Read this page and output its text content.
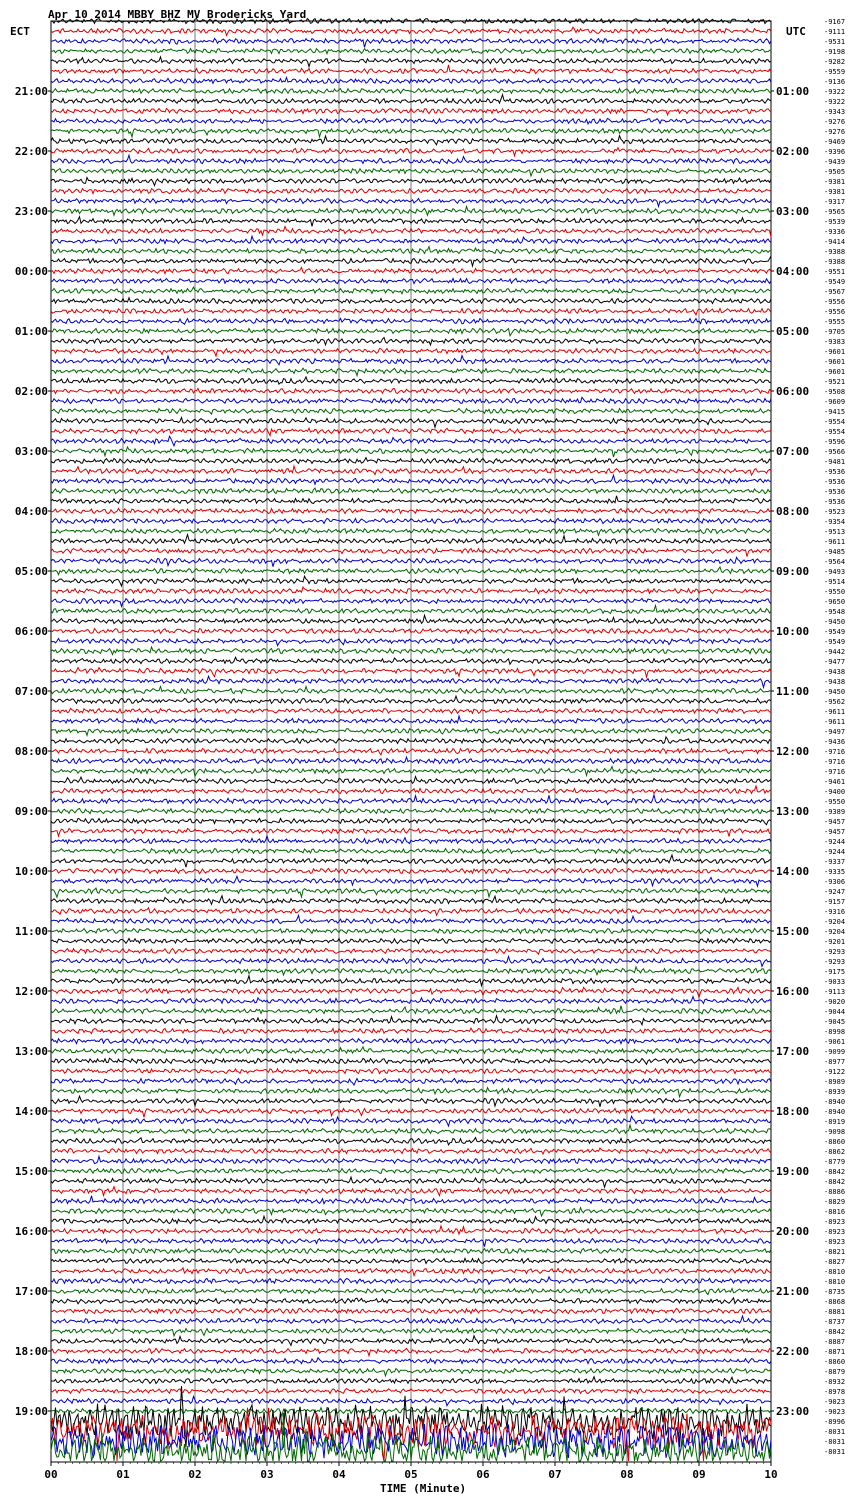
00	01	02	03	04	05	06	07	08	09	10
-9167
-9111
-9531
-9198
-9282
-9559
-9136
-9322
-9322
-9343
-9276
-9276
-9469
-9396
-9439
-9505
-9381
-9381
-9317
-9565
-9539
-9336
-9414
-9388
-9388
-9551
-9549
-9567
-9556
-9556
-9555
-9705
-9383
-9601
-9601
-9601
-9521
-9508
-9609
-9415
-9554
-9554
-9596
-9566
-9481
-9536
-9536
-9536
-9536
-9523
-9354
-9513
-9611
-9485
-9564
-9493
-9514
-9550
-9650
-9548
-9450
-9549
-9549
-9442
-9477
-9438
-9438
-9450
-9562
-9611
-9611
-9497
-9436
-9716
-9716
-9716
-9461
-9400
-9550
-9389
-9457
-9457
-9244
-9244
-9337
-9335
-9306
-9247
-9157
-9316
-9204
-9204
-9201
-9293
-9293
-9175
-9033
-9113
-9020
-9044
-9045
-8998
-9061
-9099
-8977
-9122
-8989
-8939
-8940
-8940
-8919
-9098
-8860
-8862
-8779
-8842
-8842
-8886
-8829
-8816
-8923
-8923
-8923
-8821
-8827
-8810
-8810
-8735
-8868
-8881
-8737
-8842
-8887
-8871
-8860
-8879
-8932
-8978
-9023
-9023
-8996
-8031
-8031
-8031
21:00
22:00
23:00
00:00
01:00
02:00
03:00
04:00
05:00
06:00
07:00
08:00
09:00
10:00
11:00
12:00
13:00
14:00
15:00
16:00
17:00
18:00
19:00
01:00
02:00
03:00
04:00
05:00
06:00
07:00
08:00
09:00
10:00
11:00
12:00
13:00
14:00
15:00
16:00
17:00
18:00
19:00
20:00
21:00
22:00
23:00
Apr 10 2014 MBBY BHZ MV Brodericks Yard
ECT	UTC
TIME (Minute)
